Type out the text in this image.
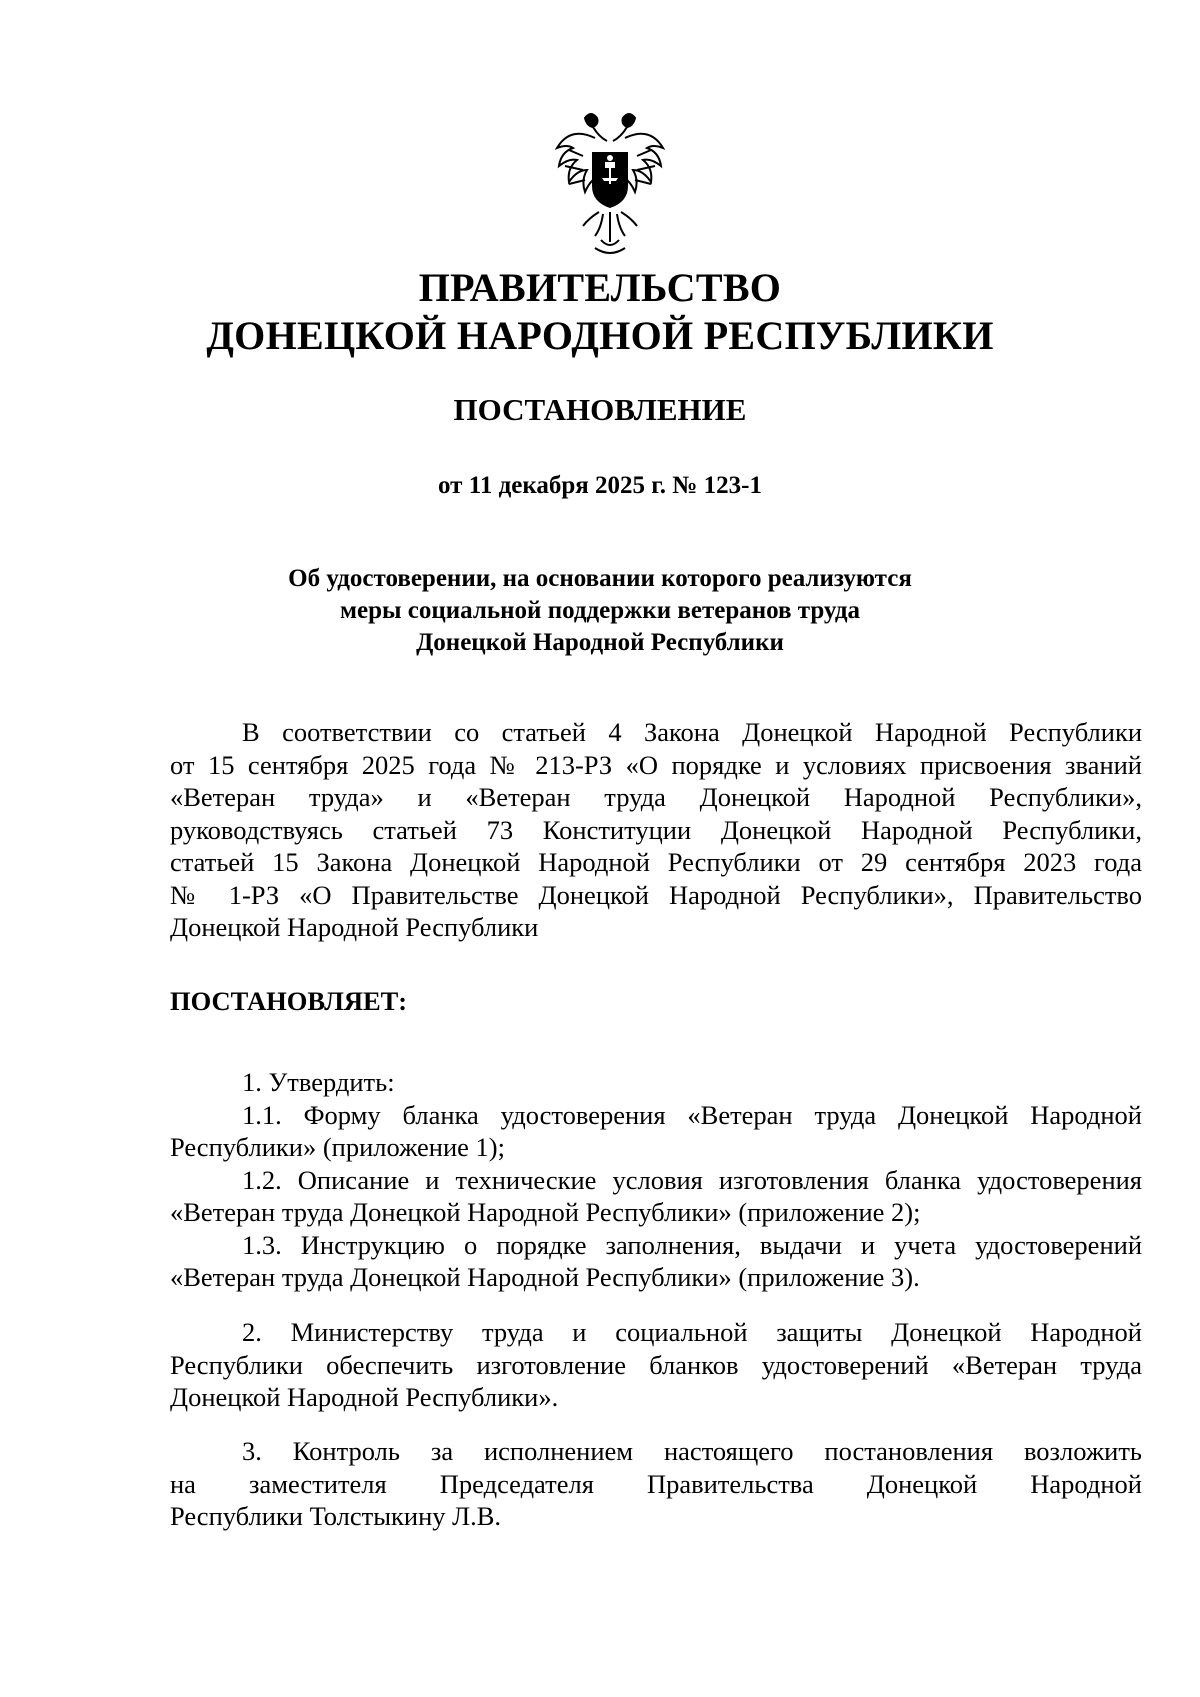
ПРАВИТЕЛЬСТВО
ДОНЕЦКОЙ НАРОДНОЙ РЕСПУБЛИКИ
ПОСТАНОВЛЕНИЕ
от 11 декабря 2025 г. № 123-1
Об удостоверении, на основании которого реализуются
меры социальной поддержки ветеранов труда
Донецкой Народной Республики
В соответствии со статьей 4 Закона Донецкой Народной Республики
от 15 сентября 2025 года № 213-РЗ «О порядке и условиях присвоения званий
«Ветеран труда» и «Ветеран труда Донецкой Народной Республики»,
руководствуясь статьей 73 Конституции Донецкой Народной Республики,
статьей 15 Закона Донецкой Народной Республики от 29 сентября 2023 года
№ 1-РЗ «О Правительстве Донецкой Народной Республики», Правительство
Донецкой Народной Республики
ПОСТАНОВЛЯЕТ:
1. Утвердить:
1.1. Форму бланка удостоверения «Ветеран труда Донецкой Народной
Республики» (приложение 1);
1.2. Описание и технические условия изготовления бланка удостоверения
«Ветеран труда Донецкой Народной Республики» (приложение 2);
1.3. Инструкцию о порядке заполнения, выдачи и учета удостоверений
«Ветеран труда Донецкой Народной Республики» (приложение 3).
2. Министерству труда и социальной защиты Донецкой Народной
Республики обеспечить изготовление бланков удостоверений «Ветеран труда
Донецкой Народной Республики».
3. Контроль за исполнением настоящего постановления возложить
на заместителя Председателя Правительства Донецкой Народной
Республики Толстыкину Л.В.
